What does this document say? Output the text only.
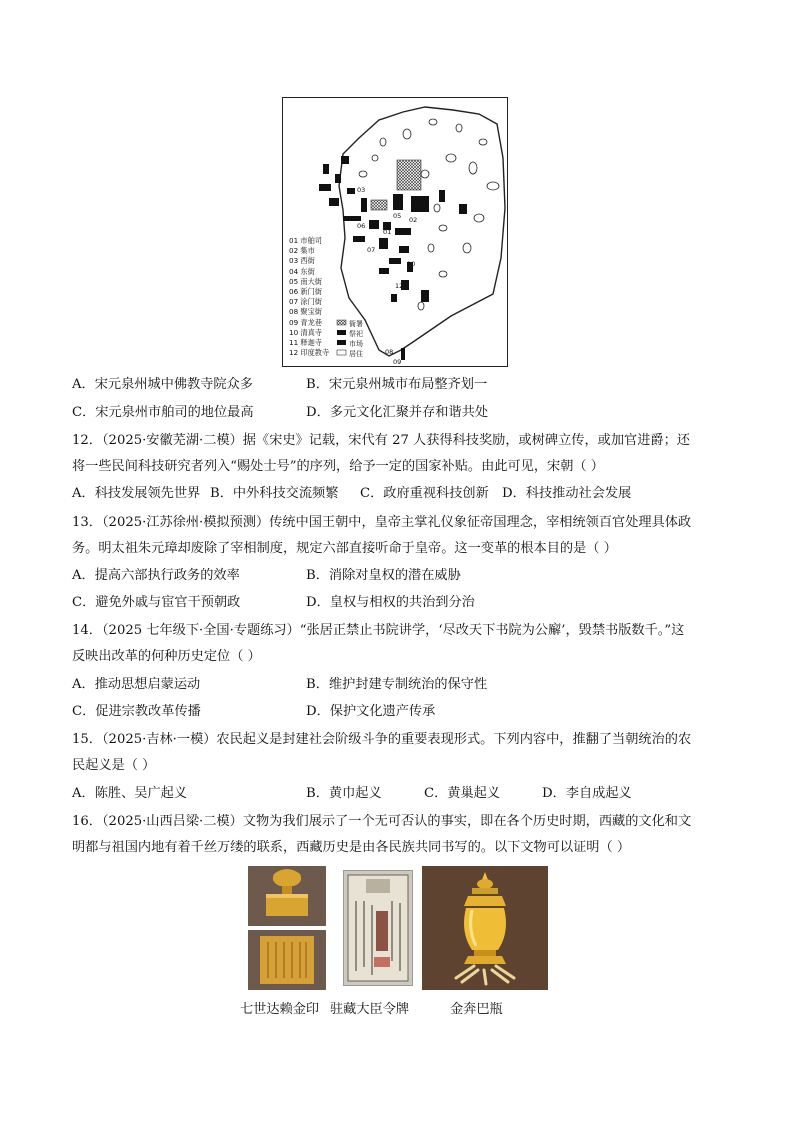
03
04
06
07
05
01
02
10
12
08
09
衙署
祭祀
市场
居住
01 市舶司
02 集市
03 西街
04 东街
05 南大街
06 新门街
07 涂门街
08 聚宝街
09 青龙巷
10 清真寺
11 释迦寺
12 印度教寺
A．宋元泉州城中佛教寺院众多	B．宋元泉州城市布局整齐划一
C．宋元泉州市舶司的地位最高	D．多元文化汇聚并存和谐共处
12．（2025·安徽芜湖·二模）据《宋史》记载，宋代有 27 人获得科技奖励，或树碑立传，或加官进爵；还
将一些民间科技研究者列入“赐处士号”的序列，给予一定的国家补贴。由此可见，宋朝（ ）
A．科技发展领先世界 B．中外科技交流频繁 C．政府重视科技创新 D．科技推动社会发展
13．（2025·江苏徐州·模拟预测）传统中国王朝中，皇帝主掌礼仪象征帝国理念，宰相统领百官处理具体政
务。明太祖朱元璋却废除了宰相制度，规定六部直接听命于皇帝。这一变革的根本目的是（ ）
A．提高六部执行政务的效率	B．消除对皇权的潜在威胁
C．避免外戚与宦官干预朝政	D．皇权与相权的共治到分治
14．（2025 七年级下·全国·专题练习）“张居正禁止书院讲学，‘尽改天下书院为公廨’，毁禁书版数千。”这
反映出改革的何种历史定位（ ）
A．推动思想启蒙运动	B．维护封建专制统治的保守性
C．促进宗教改革传播	D．保护文化遗产传承
15．（2025·吉林·一模）农民起义是封建社会阶级斗争的重要表现形式。下列内容中，推翻了当朝统治的农
民起义是（ ）
A．陈胜、吴广起义	B．黄巾起义	C．黄巢起义	D．李自成起义
16．（2025·山西吕梁·二模）文物为我们展示了一个无可否认的事实，即在各个历史时期，西藏的文化和文
明都与祖国内地有着千丝万缕的联系，西藏历史是由各民族共同书写的。以下文物可以证明（ ）
七世达赖金印 驻藏大臣令牌	金奔巴瓶
